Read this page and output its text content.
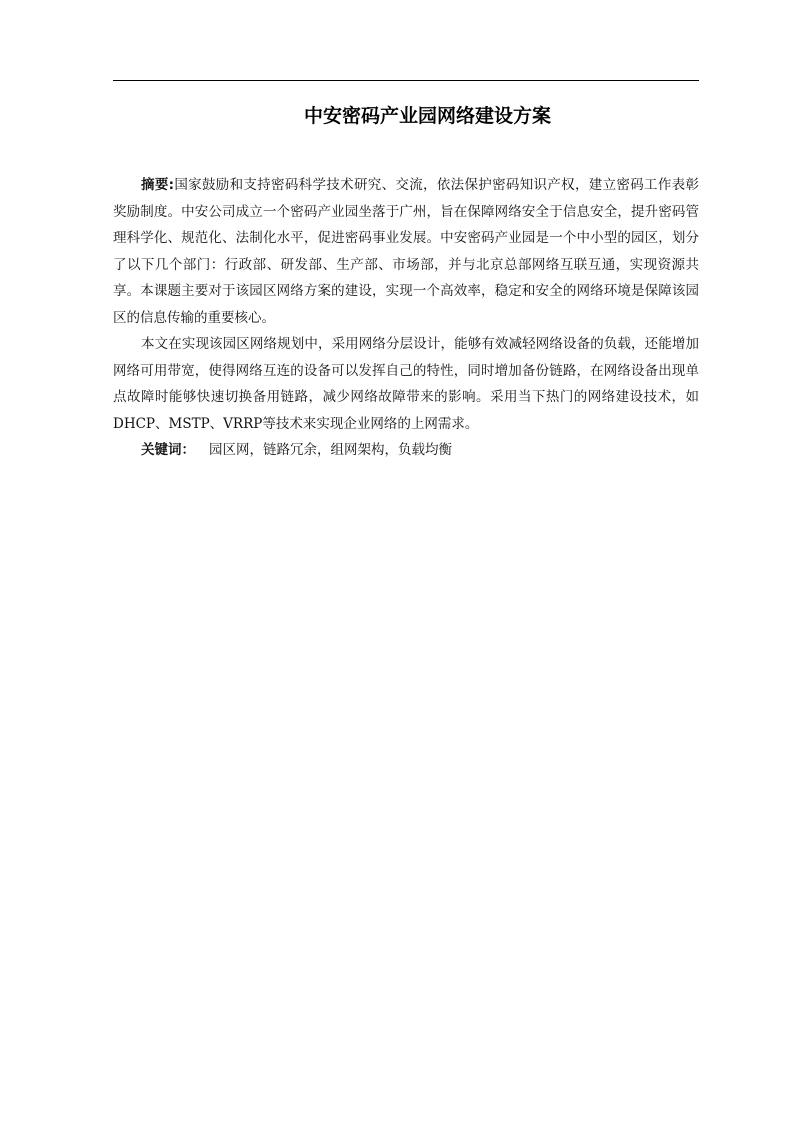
中安密码产业园网络建设方案

摘要:国家鼓励和支持密码科学技术研究、交流，依法保护密码知识产权，建立密码工作表彰奖励制度。中安公司成立一个密码产业园坐落于广州，旨在保障网络安全于信息安全，提升密码管理科学化、规范化、法制化水平，促进密码事业发展。中安密码产业园是一个中小型的园区，划分了以下几个部门：行政部、研发部、生产部、市场部，并与北京总部网络互联互通，实现资源共享。本课题主要对于该园区网络方案的建设，实现一个高效率，稳定和安全的网络环境是保障该园区的信息传输的重要核心。

本文在实现该园区网络规划中，采用网络分层设计，能够有效减轻网络设备的负载，还能增加网络可用带宽，使得网络互连的设备可以发挥自己的特性，同时增加备份链路，在网络设备出现单点故障时能够快速切换备用链路，减少网络故障带来的影响。采用当下热门的网络建设技术，如DHCP、MSTP、VRRP等技术来实现企业网络的上网需求。

关键词： 园区网，链路冗余，组网架构，负载均衡
